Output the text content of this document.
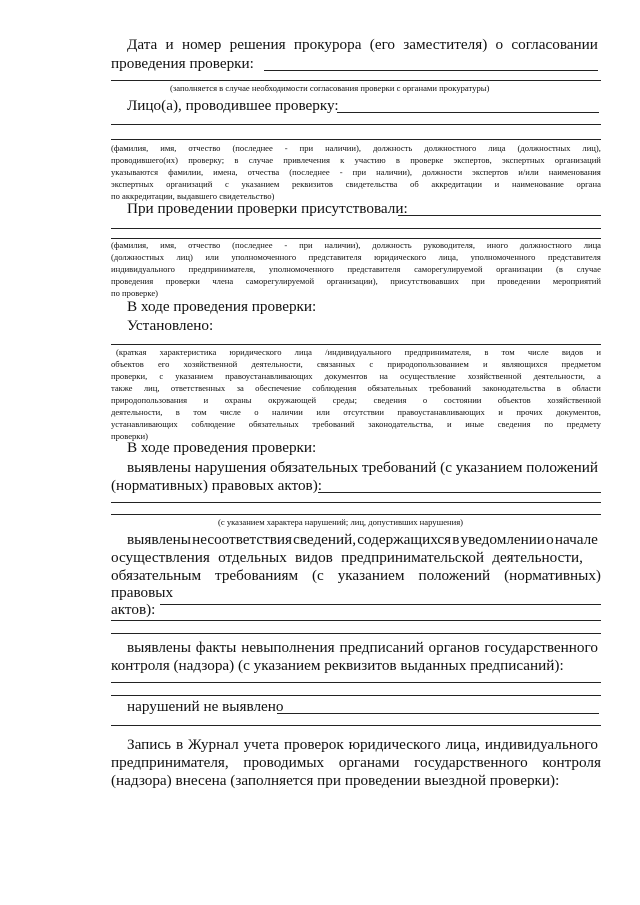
Дата и номер решения прокурора (его заместителя) о согласовании
проведения проверки:
(заполняется в случае необходимости согласования проверки с органами прокуратуры)
Лицо(а), проводившее проверку:
(фамилия, имя, отчество (последнее - при наличии), должность должностного лица (должностных лиц),
проводившего(их) проверку; в случае привлечения к участию в проверке экспертов, экспертных организаций
указываются фамилии, имена, отчества (последнее - при наличии), должности экспертов и/или наименования
экспертных организаций с указанием реквизитов свидетельства об аккредитации и наименование органа
по аккредитации, выдавшего свидетельство)
При проведении проверки присутствовали:
(фамилия, имя, отчество (последнее - при наличии), должность руководителя, иного должностного лица
(должностных лиц) или уполномоченного представителя юридического лица, уполномоченного представителя
индивидуального предпринимателя, уполномоченного представителя саморегулируемой организации (в случае
проведения проверки члена саморегулируемой организации), присутствовавших при проведении мероприятий
по проверке)
В ходе проведения проверки:
Установлено:
(краткая характеристика юридического лица /индивидуального предпринимателя, в том числе видов и
объектов его хозяйственной деятельности, связанных с природопользованием и являющихся предметом
проверки, с указанием правоустанавливающих документов на осуществление хозяйственной деятельности, а
также лиц, ответственных за обеспечение соблюдения обязательных требований законодательства в области
природопользования и охраны окружающей среды; сведения о состоянии объектов хозяйственной
деятельности, в том числе о наличии или отсутствии правоустанавливающих и прочих документов,
устанавливающих соблюдение обязательных требований законодательства, и иные сведения по предмету
проверки)
В ходе проведения проверки:
выявлены нарушения обязательных требований (с указанием положений
(нормативных) правовых актов):
(с указанием характера нарушений; лиц, допустивших нарушения)
выявлены несоответствия сведений, содержащихся в уведомлении о начале
осуществления отдельных видов предпринимательской деятельности,
обязательным требованиям (с указанием положений (нормативных)
правовых
актов):
выявлены факты невыполнения предписаний органов государственного
контроля (надзора) (с указанием реквизитов выданных предписаний):
нарушений не выявлено
Запись в Журнал учета проверок юридического лица, индивидуального
предпринимателя, проводимых органами государственного контроля
(надзора) внесена (заполняется при проведении выездной проверки):
